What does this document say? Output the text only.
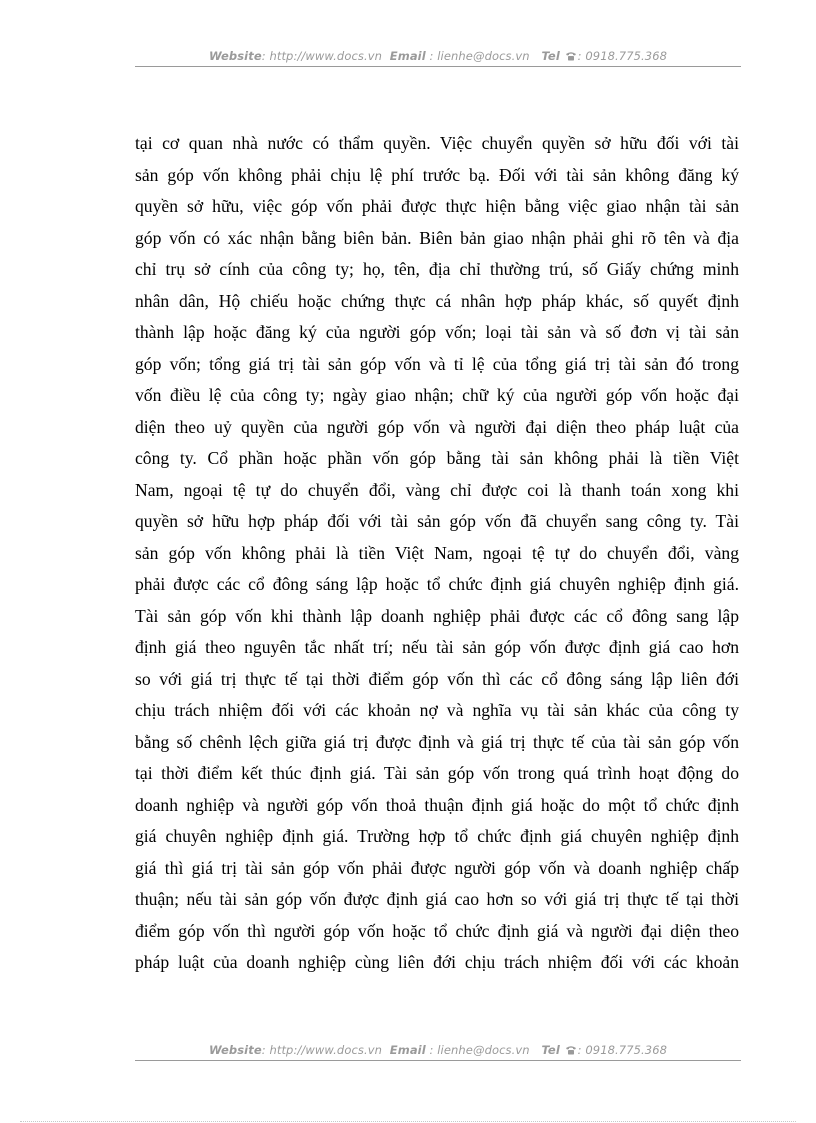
Website: http://www.docs.vn Email : lienhe@docs.vn Tel : 0918.775.368
tại cơ quan nhà nước có thẩm quyền. Việc chuyển quyền sở hữu đối với tài
sản góp vốn không phải chịu lệ phí trước bạ. Đối với tài sản không đăng ký
quyền sở hữu, việc góp vốn phải được thực hiện bằng việc giao nhận tài sản
góp vốn có xác nhận bằng biên bản. Biên bản giao nhận phải ghi rõ tên và địa
chỉ trụ sở cính của công ty; họ, tên, địa chỉ thường trú, số Giấy chứng minh
nhân dân, Hộ chiếu hoặc chứng thực cá nhân hợp pháp khác, số quyết định
thành lập hoặc đăng ký của người góp vốn; loại tài sản và số đơn vị tài sản
góp vốn; tổng giá trị tài sản góp vốn và tỉ lệ của tổng giá trị tài sản đó trong
vốn điều lệ của công ty; ngày giao nhận; chữ ký của người góp vốn hoặc đại
diện theo uỷ quyền của người góp vốn và người đại diện theo pháp luật của
công ty. Cổ phần hoặc phần vốn góp bằng tài sản không phải là tiền Việt
Nam, ngoại tệ tự do chuyển đổi, vàng chỉ được coi là thanh toán xong khi
quyền sở hữu hợp pháp đối với tài sản góp vốn đã chuyển sang công ty. Tài
sản góp vốn không phải là tiền Việt Nam, ngoại tệ tự do chuyển đổi, vàng
phải được các cổ đông sáng lập hoặc tổ chức định giá chuyên nghiệp định giá.
Tài sản góp vốn khi thành lập doanh nghiệp phải được các cổ đông sang lập
định giá theo nguyên tắc nhất trí; nếu tài sản góp vốn được định giá cao hơn
so với giá trị thực tế tại thời điểm góp vốn thì các cổ đông sáng lập liên đới
chịu trách nhiệm đối với các khoản nợ và nghĩa vụ tài sản khác của công ty
bằng số chênh lệch giữa giá trị được định và giá trị thực tế của tài sản góp vốn
tại thời điểm kết thúc định giá. Tài sản góp vốn trong quá trình hoạt động do
doanh nghiệp và người góp vốn thoả thuận định giá hoặc do một tổ chức định
giá chuyên nghiệp định giá. Trường hợp tổ chức định giá chuyên nghiệp định
giá thì giá trị tài sản góp vốn phải được người góp vốn và doanh nghiệp chấp
thuận; nếu tài sản góp vốn được định giá cao hơn so với giá trị thực tế tại thời
điểm góp vốn thì người góp vốn hoặc tổ chức định giá và người đại diện theo
pháp luật của doanh nghiệp cùng liên đới chịu trách nhiệm đối với các khoản
Website: http://www.docs.vn Email : lienhe@docs.vn Tel : 0918.775.368
